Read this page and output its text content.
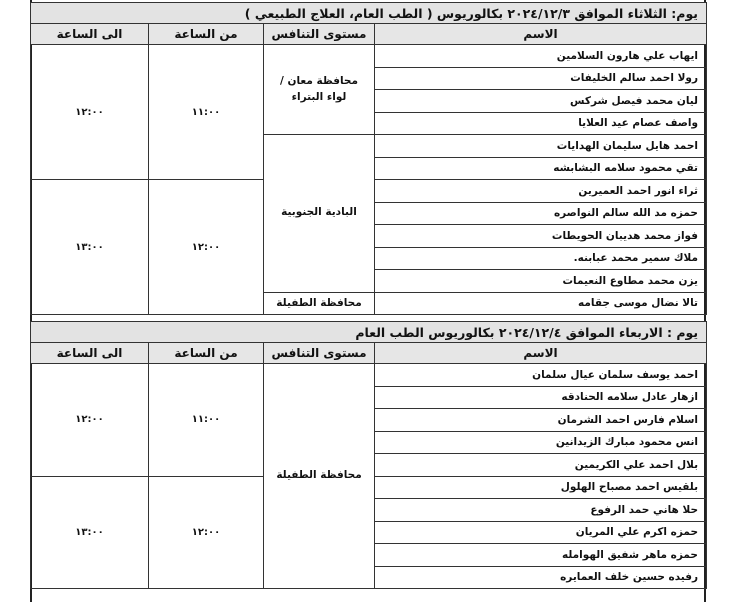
يوم: الثلاثاء الموافق ٢٠٢٤/١٢/٣ بكالوريوس ( الطب العام، العلاج الطبيعي )			
الاسم	مستوى التنافس	من الساعة	الى الساعة
ايهاب علي هارون السلامين	محافظة معان / لواء البتراء	١١:٠٠	١٢:٠٠
رولا احمد سالم الخليفات			
ليان محمد فيصل شركس			
واصف عصام عيد العلايا			
احمد هايل سليمان الهدايات	البادية الجنوبية		
تقي محمود سلامه البشابشه			
ثراء انور احمد العميرين		١٢:٠٠	١٣:٠٠
حمزه مد الله سالم النواصره			
فواز محمد هديبان الحويطات			
ملاك سمير محمد عبابنه.			
يزن محمد مطاوع النعيمات			
تالا نضال موسى جقامه	محافظة الطفيلة		
يوم : الاربعاء الموافق ٢٠٢٤/١٢/٤ بكالوريوس الطب العام			
الاسم	مستوى التنافس	من الساعة	الى الساعة
احمد يوسف سلمان عيال سلمان	محافظة الطفيلة	١١:٠٠	١٢:٠٠
ازهار عادل سلامه الحنادقه			
اسلام فارس احمد الشرمان			
انس محمود مبارك الزيدانين			
بلال احمد علي الكريمين			
بلقيس احمد مصباح الهلول		١٢:٠٠	١٣:٠٠
حلا هاني حمد الرفوع			
حمزه اكرم علي المريان			
حمزه ماهر شفيق الهوامله			
رفيده حسين خلف العمايره			
